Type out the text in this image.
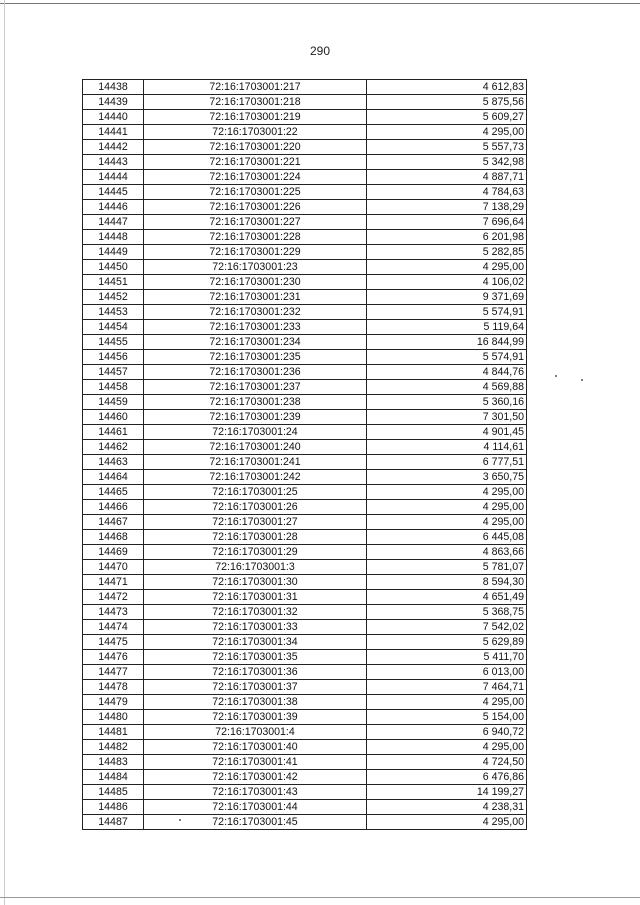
290
14438	72:16:1703001:217	4 612,83
14439	72:16:1703001:218	5 875,56
14440	72:16:1703001:219	5 609,27
14441	72:16:1703001:22	4 295,00
14442	72:16:1703001:220	5 557,73
14443	72:16:1703001:221	5 342,98
14444	72:16:1703001:224	4 887,71
14445	72:16:1703001:225	4 784,63
14446	72:16:1703001:226	7 138,29
14447	72:16:1703001:227	7 696,64
14448	72:16:1703001:228	6 201,98
14449	72:16:1703001:229	5 282,85
14450	72:16:1703001:23	4 295,00
14451	72:16:1703001:230	4 106,02
14452	72:16:1703001:231	9 371,69
14453	72:16:1703001:232	5 574,91
14454	72:16:1703001:233	5 119,64
14455	72:16:1703001:234	16 844,99
14456	72:16:1703001:235	5 574,91
14457	72:16:1703001:236	4 844,76
14458	72:16:1703001:237	4 569,88
14459	72:16:1703001:238	5 360,16
14460	72:16:1703001:239	7 301,50
14461	72:16:1703001:24	4 901,45
14462	72:16:1703001:240	4 114,61
14463	72:16:1703001:241	6 777,51
14464	72:16:1703001:242	3 650,75
14465	72:16:1703001:25	4 295,00
14466	72:16:1703001:26	4 295,00
14467	72:16:1703001:27	4 295,00
14468	72:16:1703001:28	6 445,08
14469	72:16:1703001:29	4 863,66
14470	72:16:1703001:3	5 781,07
14471	72:16:1703001:30	8 594,30
14472	72:16:1703001:31	4 651,49
14473	72:16:1703001:32	5 368,75
14474	72:16:1703001:33	7 542,02
14475	72:16:1703001:34	5 629,89
14476	72:16:1703001:35	5 411,70
14477	72:16:1703001:36	6 013,00
14478	72:16:1703001:37	7 464,71
14479	72:16:1703001:38	4 295,00
14480	72:16:1703001:39	5 154,00
14481	72:16:1703001:4	6 940,72
14482	72:16:1703001:40	4 295,00
14483	72:16:1703001:41	4 724,50
14484	72:16:1703001:42	6 476,86
14485	72:16:1703001:43	14 199,27
14486	72:16:1703001:44	4 238,31
14487	72:16:1703001:45	4 295,00
